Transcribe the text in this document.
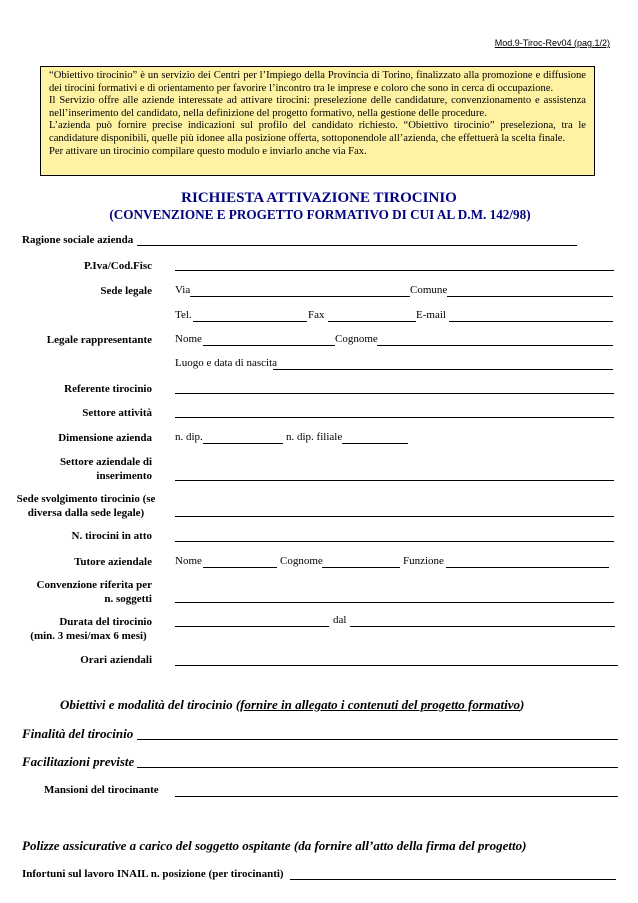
Mod.9-Tiroc-Rev04 (pag.1/2)

“Obiettivo tirocinio” è un servizio dei Centri per l’Impiego della Provincia di Torino, finalizzato alla promozione e diffusione dei tirocini formativi e di orientamento per favorire l’incontro tra le imprese e coloro che sono in cerca di occupazione.

Il Servizio offre alle aziende interessate ad attivare tirocini: preselezione delle candidature, convenzionamento e assistenza nell’inserimento del candidato, nella definizione del progetto formativo, nella gestione delle procedure.

L’azienda può fornire precise indicazioni sul profilo del candidato richiesto. “Obiettivo tirocinio” preseleziona, tra le candidature disponibili, quelle più idonee alla posizione offerta, sottoponendole all’azienda, che effettuerà la scelta finale.

Per attivare un tirocinio compilare questo modulo e inviarlo anche via Fax.

RICHIESTA ATTIVAZIONE TIROCINIO
(CONVENZIONE E PROGETTO FORMATIVO DI CUI AL D.M. 142/98)
Ragione sociale azienda
P.Iva/Cod.Fisc
Sede legale Via	Comune
Tel.	Fax	E-mail
Legale rappresentante Nome	Cognome
Luogo e data di nascita
Referente tirocinio
Settore attività
Dimensione azienda n. dip.	n. dip. filiale
Settore aziendale di inserimento
Sede svolgimento tirocinio (se diversa dalla sede legale)
N. tirocini in atto
Tutore aziendale Nome	Cognome	Funzione
Convenzione riferita per n. soggetti
Durata del tirocinio
(min. 3 mesi/max 6 mesi)
dal
Orari aziendali
Obiettivi e modalità del tirocinio (fornire in allegato i contenuti del progetto formativo)
Finalità del tirocinio
Facilitazioni previste
Mansioni del tirocinante
Polizze assicurative a carico del soggetto ospitante (da fornire all’atto della firma del progetto)
Infortuni sul lavoro INAIL n. posizione (per tirocinanti)
